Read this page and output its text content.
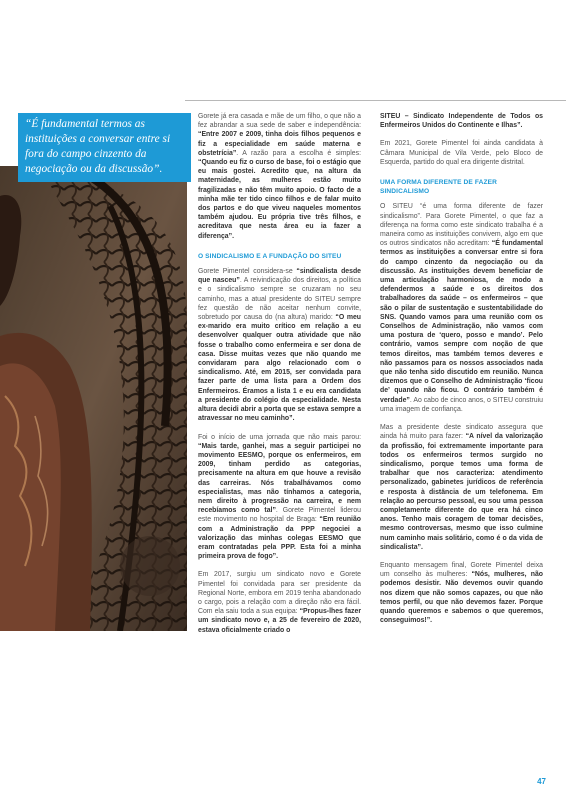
“É fundamental termos as instituições a conversar entre si fora do campo cinzento da negociação ou da discussão”.

Gorete já era casada e mãe de um filho, o que não a fez abrandar a sua sede de saber e independência: “Entre 2007 e 2009, tinha dois filhos pequenos e fiz a especialidade em saúde materna e obstetrícia”. A razão para a escolha é simples: “Quando eu fiz o curso de base, foi o estágio que eu mais gostei. Acredito que, na altura da maternidade, as mulheres estão muito fragilizadas e não têm muito apoio. O facto de a minha mãe ter tido cinco filhos e de falar muito dos partos e do que viveu naqueles momentos também ajudou. Eu própria tive três filhos, e acreditava que nesta área eu ia fazer a diferença”.

O SINDICALISMO E A FUNDAÇÃO DO SITEU

Gorete Pimentel considera-se “sindicalista desde que nasceu”. A reivindicação dos direitos, a política e o sindicalismo sempre se cruzaram no seu caminho, mas a atual presidente do SITEU sempre fez questão de não aceitar nenhum convite, sobretudo por causa do (na altura) marido: “O meu ex-marido era muito crítico em relação a eu desenvolver qualquer outra atividade que não fosse o trabalho como enfermeira e ser dona de casa. Disse muitas vezes que não quando me convidaram para algo relacionado com o sindicalismo. Até, em 2015, ser convidada para fazer parte de uma lista para a Ordem dos Enfermeiros. Éramos a lista 1 e eu era candidata a presidente do colégio da especialidade. Nesta altura decidi abrir a porta que se estava sempre a atravessar no meu caminho”.

Foi o início de uma jornada que não mais parou: “Mais tarde, ganhei, mas a seguir participei no movimento EESMO, porque os enfermeiros, em 2009, tinham perdido as categorias, precisamente na altura em que houve a revisão das carreiras. Nós trabalhávamos como especialistas, mas não tínhamos a categoria, nem direito à progressão na carreira, e nem recebíamos como tal”. Gorete Pimentel liderou este movimento no hospital de Braga: “Em reunião com a Administração da PPP negociei a valorização das minhas colegas EESMO que eram contratadas pela PPP. Esta foi a minha primeira prova de fogo”.

Em 2017, surgiu um sindicato novo e Gorete Pimentel foi convidada para ser presidente da Regional Norte, embora em 2019 tenha abandonado o cargo, pois a relação com a direção não era fácil. Com ela saiu toda a sua equipa: “Propus-lhes fazer um sindicato novo e, a 25 de fevereiro de 2020, estava oficialmente criado o

SITEU – Sindicato Independente de Todos os Enfermeiros Unidos do Continente e Ilhas”.

Em 2021, Gorete Pimentel foi ainda candidata à Câmara Municipal de Vila Verde, pelo Bloco de Esquerda, partido do qual era dirigente distrital.

UMA FORMA DIFERENTE DE FAZER SINDICALISMO

O SITEU “é uma forma diferente de fazer sindicalismo”. Para Gorete Pimentel, o que faz a diferença na forma como este sindicato trabalha é a maneira como as instituições convivem, algo em que os outros sindicatos não acreditam: “É fundamental termos as instituições a conversar entre si fora do campo cinzento da negociação ou da discussão. As instituições devem beneficiar de uma articulação harmoniosa, de modo a defendermos a saúde e os direitos dos trabalhadores da saúde – os enfermeiros – que são o pilar de sustentação e sustentabilidade do SNS. Quando vamos para uma reunião com os Conselhos de Administração, não vamos com uma postura de ‘quero, posso e mando’. Pelo contrário, vamos sempre com noção de que temos direitos, mas também temos deveres e não passamos para os nossos associados nada que não tenha sido discutido em reunião. Nunca dizemos que o Conselho de Administração ‘ficou de’ quando não ficou. O contrário também é verdade”. Ao cabo de cinco anos, o SITEU construiu uma imagem de confiança.

Mas a presidente deste sindicato assegura que ainda há muito para fazer: “A nível da valorização da profissão, foi extremamente importante para todos os enfermeiros termos surgido no sindicalismo, porque temos uma forma de trabalhar que nos caracteriza: atendimento personalizado, gabinetes jurídicos de referência e resposta à distância de um telefonema. Em relação ao percurso pessoal, eu sou uma pessoa completamente diferente do que era há cinco anos. Tenho mais coragem de tomar decisões, mesmo controversas, mesmo que isso culmine num caminho mais solitário, como é o da vida de sindicalista”.

Enquanto mensagem final, Gorete Pimentel deixa um conselho às mulheres: “Nós, mulheres, não podemos desistir. Não devemos ouvir quando nos dizem que não somos capazes, ou que não temos perfil, ou que não devemos fazer. Porque quando queremos e sabemos o que queremos, conseguimos!”.

47
